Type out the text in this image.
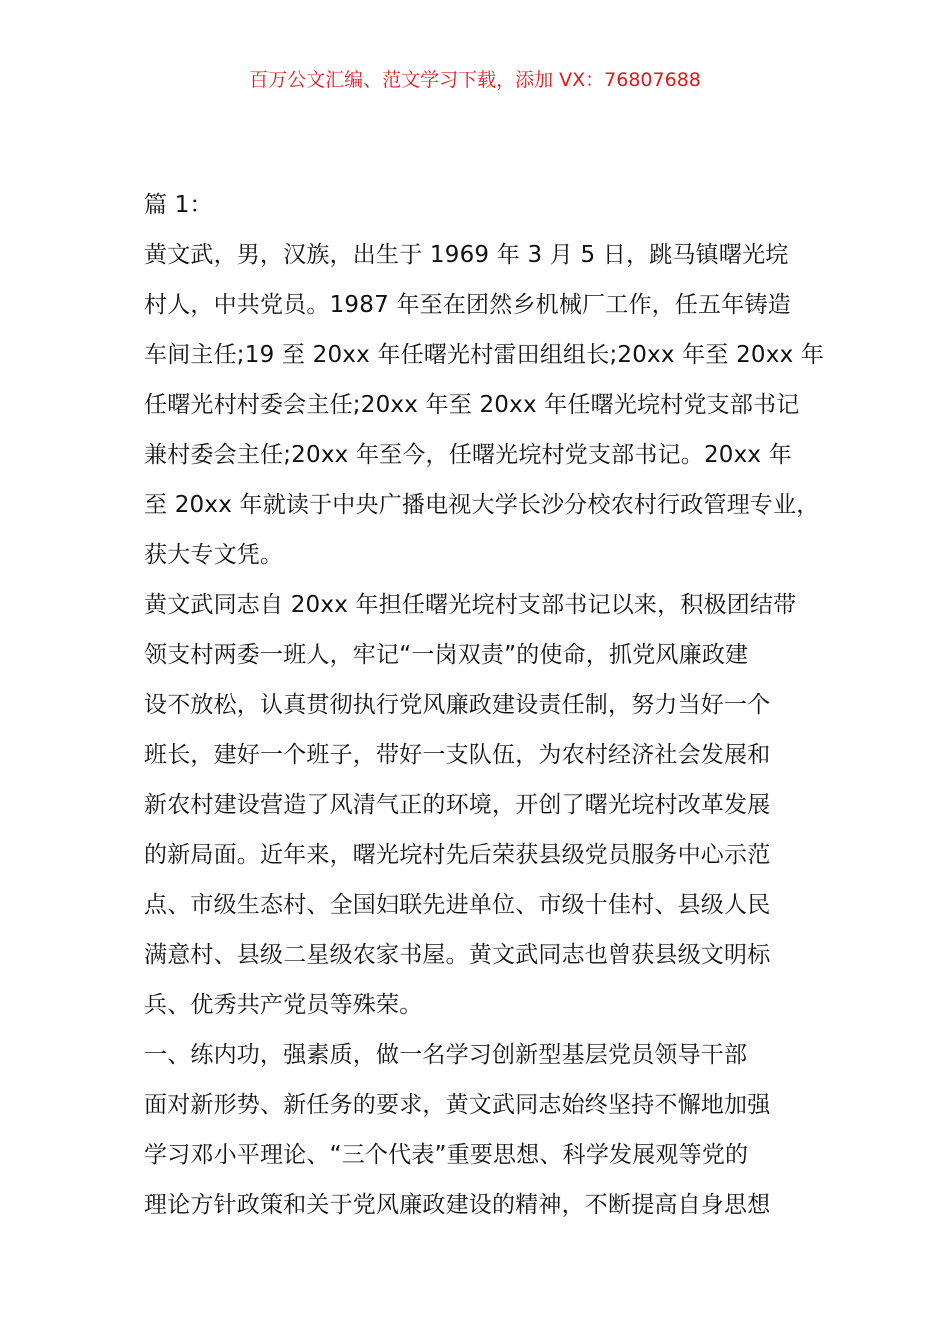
百万公文汇编、范文学习下载，添加 VX：76807688
篇 1：
黄文武，男，汉族，出生于 1969 年 3 月 5 日，跳马镇曙光垸
村人，中共党员。1987 年至在团然乡机械厂工作，任五年铸造
车间主任;19 至 20xx 年任曙光村雷田组组长;20xx 年至 20xx 年
任曙光村村委会主任;20xx 年至 20xx 年任曙光垸村党支部书记
兼村委会主任;20xx 年至今，任曙光垸村党支部书记。20xx 年
至 20xx 年就读于中央广播电视大学长沙分校农村行政管理专业，
获大专文凭。
黄文武同志自 20xx 年担任曙光垸村支部书记以来，积极团结带
领支村两委一班人，牢记“一岗双责”的使命，抓党风廉政建
设不放松，认真贯彻执行党风廉政建设责任制，努力当好一个
班长，建好一个班子，带好一支队伍，为农村经济社会发展和
新农村建设营造了风清气正的环境，开创了曙光垸村改革发展
的新局面。近年来，曙光垸村先后荣获县级党员服务中心示范
点、市级生态村、全国妇联先进单位、市级十佳村、县级人民
满意村、县级二星级农家书屋。黄文武同志也曾获县级文明标
兵、优秀共产党员等殊荣。
一、练内功，强素质，做一名学习创新型基层党员领导干部
面对新形势、新任务的要求，黄文武同志始终坚持不懈地加强
学习邓小平理论、“三个代表”重要思想、科学发展观等党的
理论方针政策和关于党风廉政建设的精神，不断提高自身思想
